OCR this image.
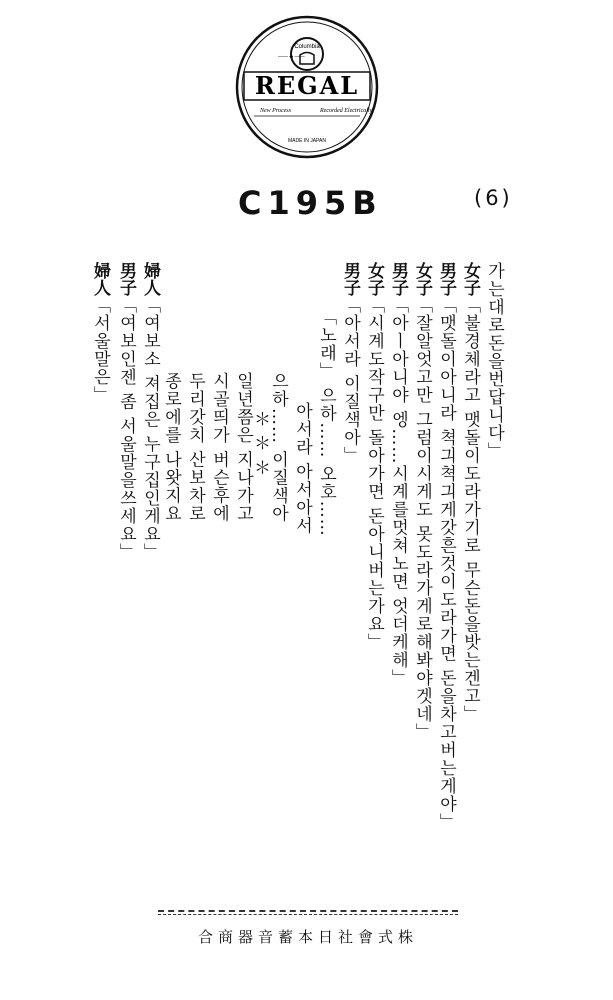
Columbia
—— ◆ ——
REGAL
New Process	Recorded Electrically
MADE IN JAPAN
C195B	(6)
가는대로돈을번답니다」
女子「불경체라고 맷돌이도라가기로 무슨돈을밧는겐고」
男子「맷돌이아니라 쳑긔쳑긔게갓흔것이도라가면 돈을차고버는게야」
女子「잘알엇고만 그럼이시게도 못도라가게로해봐야겟네」
男子「아ㅣ아니야 엥……시계를멋쳐노면 엇더케해」
女子「시계도작구만 돌아가면 돈아니버는가요」
男子「아서라 이질색아」
「노래」 으하…… 오호……
아서라 아서아서
으하…… 이질색아
＊ ＊ ＊
일년쯤은 지나가고
시골띄가 버슨후에
두리갓치 산보차로
종로에를 나왓지요
婦人「여보소 져집은 누구집인게요」
男子「여보인젠 좀 서울말을쓰세요」
婦人「서울말은」
合商器音蓄本日社會式株
